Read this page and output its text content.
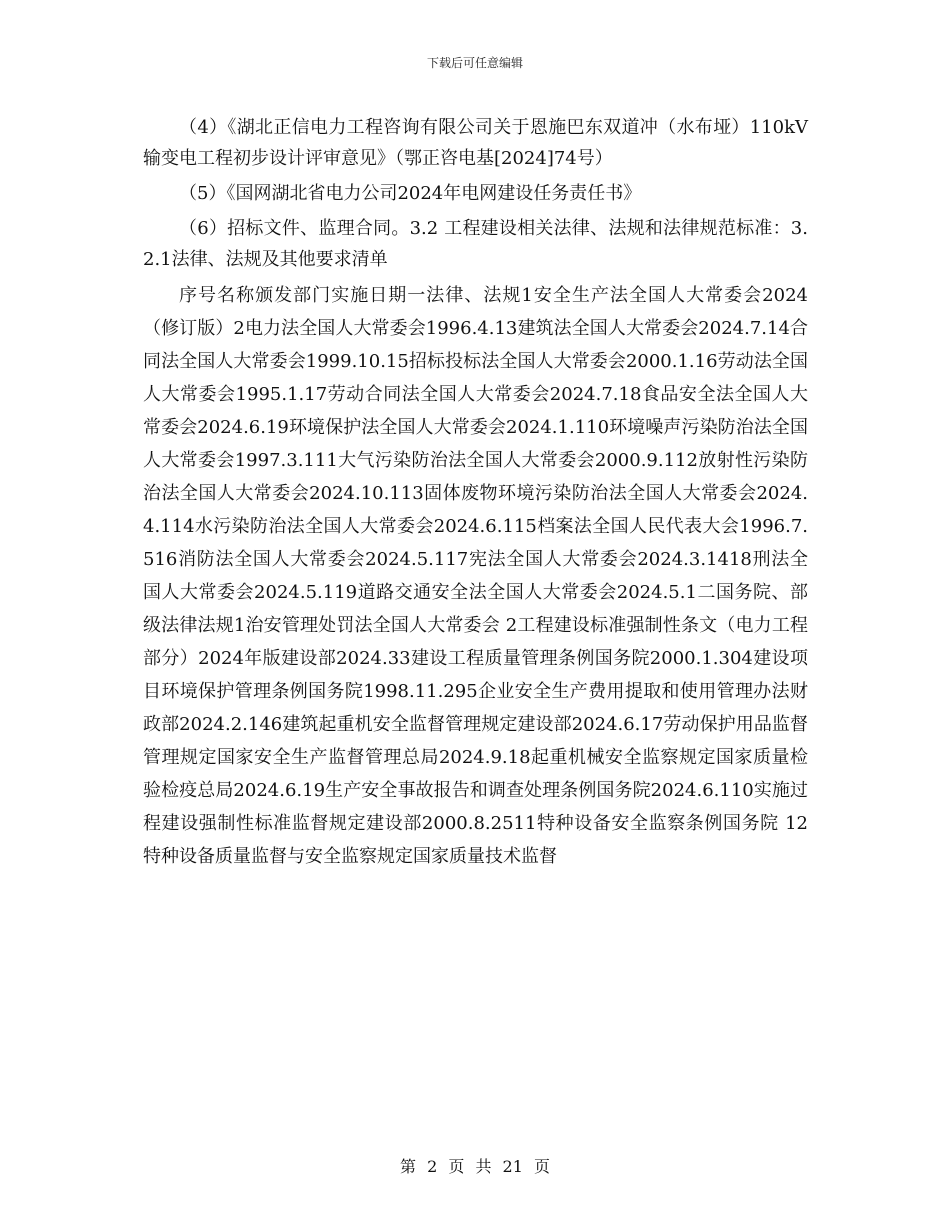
下载后可任意编辑

（4）《湖北正信电力工程咨询有限公司关于恩施巴东双道冲（水布垭）110kV输变电工程初步设计评审意见》（鄂正咨电基[2024]74号）

（5）《国网湖北省电力公司2024年电网建设任务责任书》

（6）招标文件、监理合同。3.2 工程建设相关法律、法规和法律规范标准：3.2.1法律、法规及其他要求清单

序号名称颁发部门实施日期一法律、法规1安全生产法全国人大常委会2024（修订版）2电力法全国人大常委会1996.4.13建筑法全国人大常委会2024.7.14合同法全国人大常委会1999.10.15招标投标法全国人大常委会2000.1.16劳动法全国人大常委会1995.1.17劳动合同法全国人大常委会2024.7.18食品安全法全国人大常委会2024.6.19环境保护法全国人大常委会2024.1.110环境噪声污染防治法全国人大常委会1997.3.111大气污染防治法全国人大常委会2000.9.112放射性污染防治法全国人大常委会2024.10.113固体废物环境污染防治法全国人大常委会2024.4.114水污染防治法全国人大常委会2024.6.115档案法全国人民代表大会1996.7.516消防法全国人大常委会2024.5.117宪法全国人大常委会2024.3.1418刑法全国人大常委会2024.5.119道路交通安全法全国人大常委会2024.5.1二国务院、部级法律法规1治安管理处罚法全国人大常委会 2工程建设标准强制性条文（电力工程部分）2024年版建设部2024.33建设工程质量管理条例国务院2000.1.304建设项目环境保护管理条例国务院1998.11.295企业安全生产费用提取和使用管理办法财政部2024.2.146建筑起重机安全监督管理规定建设部2024.6.17劳动保护用品监督管理规定国家安全生产监督管理总局2024.9.18起重机械安全监察规定国家质量检验检疫总局2024.6.19生产安全事故报告和调查处理条例国务院2024.6.110实施过程建设强制性标准监督规定建设部2000.8.2511特种设备安全监察条例国务院 12特种设备质量监督与安全监察规定国家质量技术监督

第 2 页 共 21 页
